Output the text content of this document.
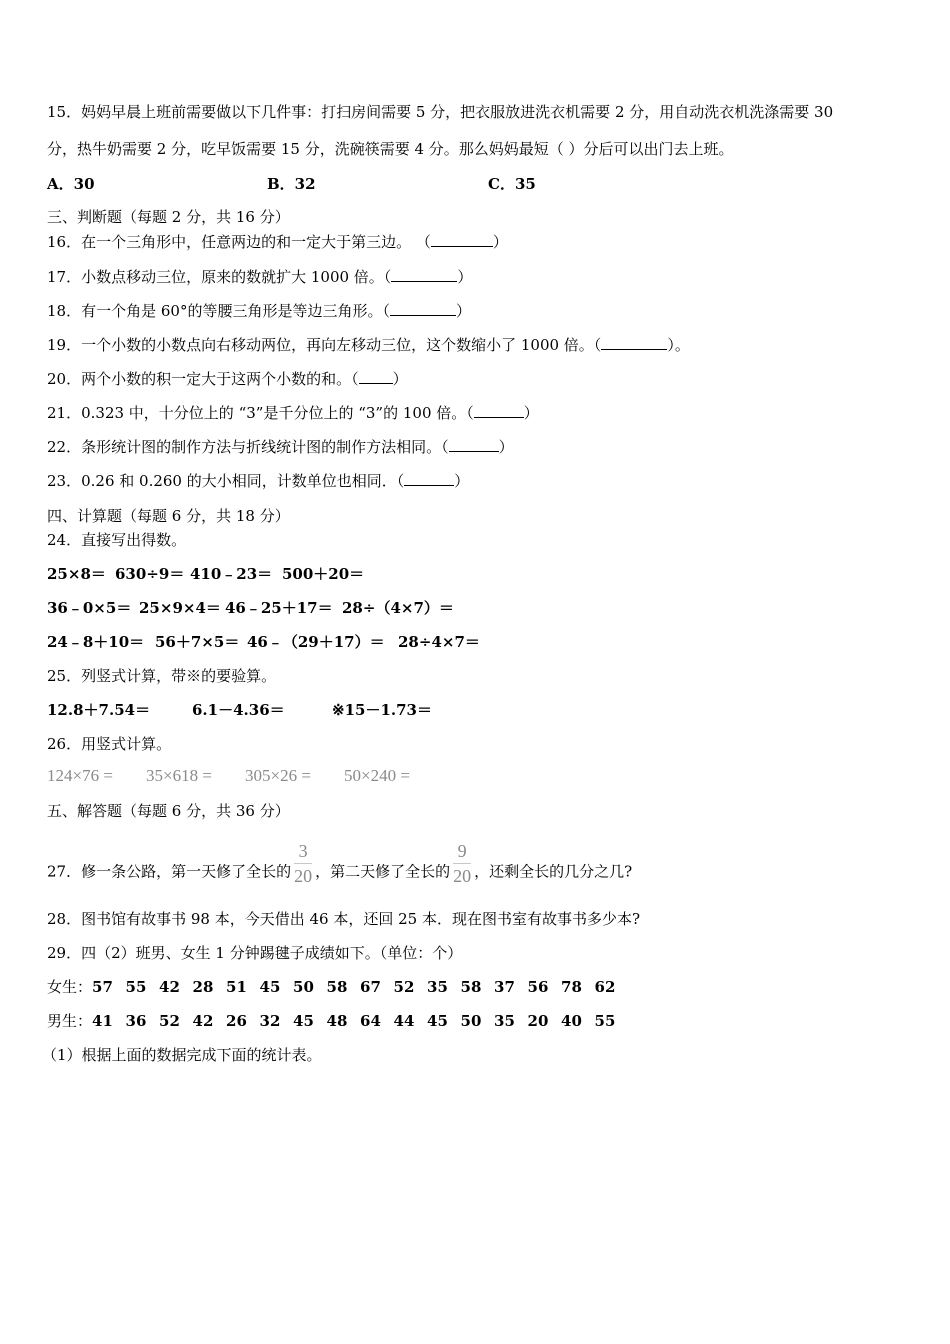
15．妈妈早晨上班前需要做以下几件事：打扫房间需要 5 分，把衣服放进洗衣机需要 2 分，用自动洗衣机洗涤需要 30
分，热牛奶需要 2 分，吃早饭需要 15 分，洗碗筷需要 4 分。那么妈妈最短（ ）分后可以出门去上班。
A．30	B．32	C．35
三、判断题（每题 2 分，共 16 分）
16．在一个三角形中，任意两边的和一定大于第三边。 （	）
17．小数点移动三位，原来的数就扩大 1000 倍。（	）
18．有一个角是 60°的等腰三角形是等边三角形。（	）
19．一个小数的小数点向右移动两位，再向左移动三位，这个数缩小了 1000 倍。（	）。
20．两个小数的积一定大于这两个小数的和。（ ）
21．0.323 中，十分位上的 “3”是千分位上的 “3”的 100 倍。（	）
22．条形统计图的制作方法与折线统计图的制作方法相同。（	）
23．0.26 和 0.260 的大小相同，计数单位也相同．（	）
四、计算题（每题 6 分，共 18 分）
24．直接写出得数。
25×8＝ 630÷9＝ 410﹣23＝ 500＋20＝
36﹣0×5＝ 25×9×4＝ 46﹣25＋17＝ 28÷（4×7）＝
24﹣8＋10＝ 56＋7×5＝ 46﹣（29＋17）＝ 28÷4×7＝
25．列竖式计算，带※的要验算。
12.8＋7.54＝	6.1－4.36＝	※15－1.73＝
26．用竖式计算。
124×76 = 35×618 = 305×26 = 50×240 =
五、解答题（每题 6 分，共 36 分）
27．修一条公路，第一天修了全长的 $\frac{3}{20}$ ，第二天修了全长的 $\frac{9}{20}$ ，还剩全长的几分之几?
28．图书馆有故事书 98 本，今天借出 46 本，还回 25 本．现在图书室有故事书多少本?
29．四（2）班男、女生 1 分钟踢毽子成绩如下。（单位：个）
女生：57 55 42 28 51 45 50 58 67 52 35 58 37 56 78 62
男生：41 36 52 42 26 32 45 48 64 44 45 50 35 20 40 55
（1）根据上面的数据完成下面的统计表。
